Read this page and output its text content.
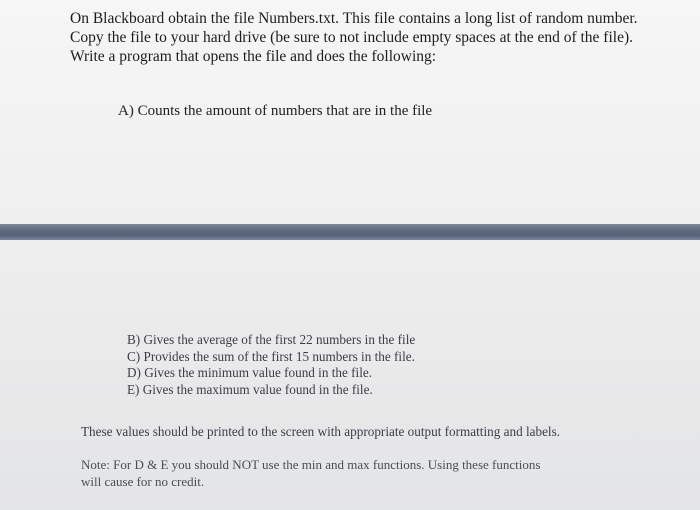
On Blackboard obtain the file Numbers.txt. This file contains a long list of random number.
Copy the file to your hard drive (be sure to not include empty spaces at the end of the file).
Write a program that opens the file and does the following:

A) Counts the amount of numbers that are in the file

B) Gives the average of the first 22 numbers in the file
C) Provides the sum of the first 15 numbers in the file.
D) Gives the minimum value found in the file.
E) Gives the maximum value found in the file.

These values should be printed to the screen with appropriate output formatting and labels.

Note: For D & E you should NOT use the min and max functions. Using these functions
will cause for no credit.
